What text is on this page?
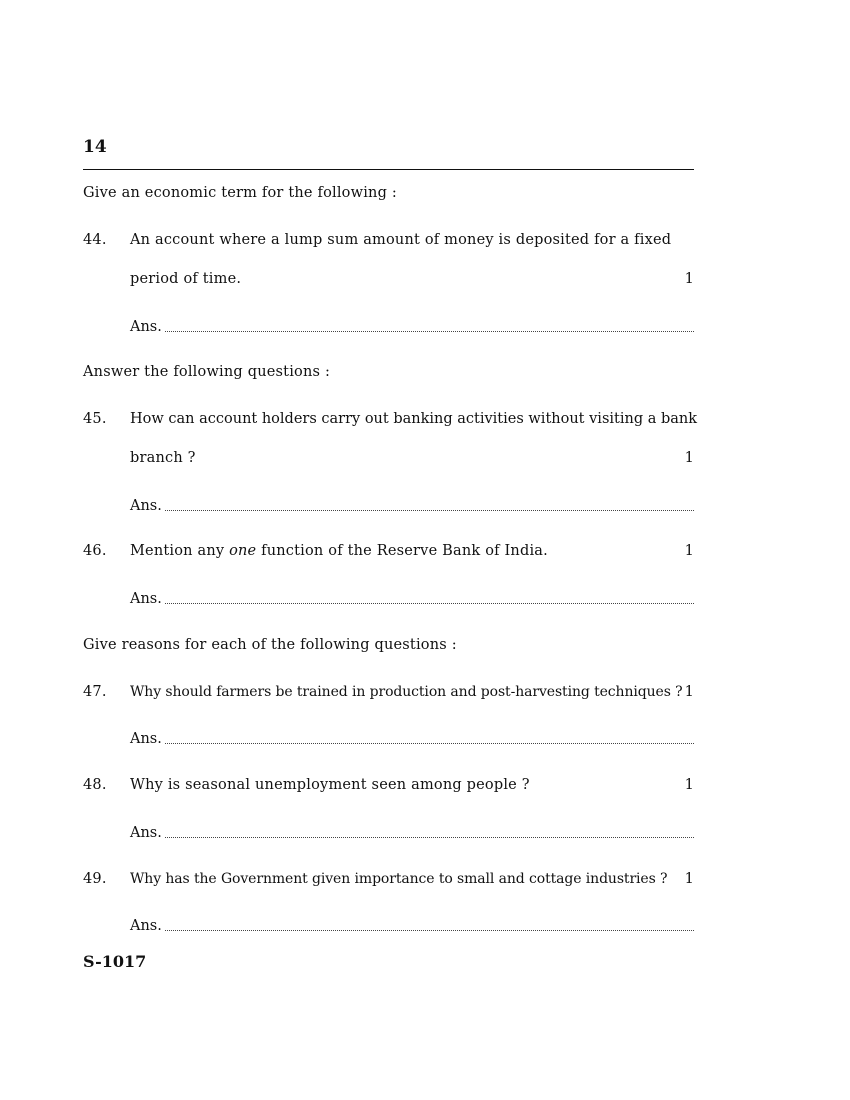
14
Give an economic term for the following :
44. An account where a lump sum amount of money is deposited for a fixed
period of time.	1
Ans.
Answer the following questions :
45. How can account holders carry out banking activities without visiting a bank
branch ?	1
Ans.
46. Mention any one function of the Reserve Bank of India.	1
Ans.
Give reasons for each of the following questions :
47. Why should farmers be trained in production and post-harvesting techniques ? 1
Ans.
48. Why is seasonal unemployment seen among people ?	1
Ans.
49. Why has the Government given importance to small and cottage industries ? 1
Ans.
S-1017
